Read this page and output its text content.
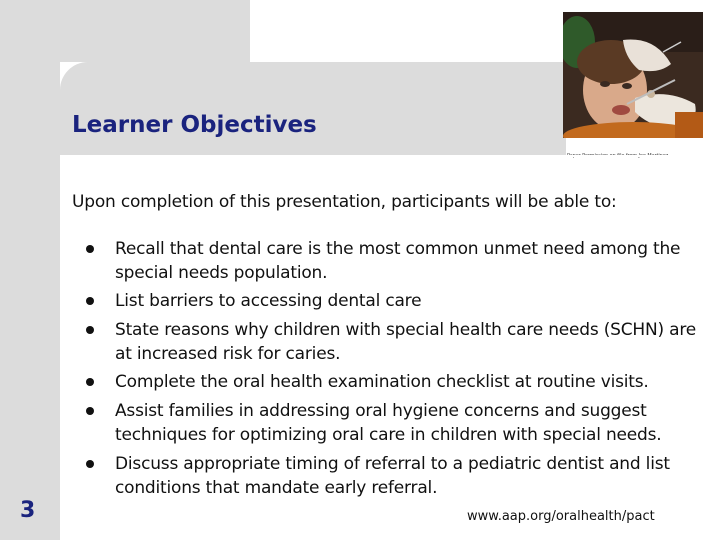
Learner Objectives

Upon completion of this presentation, participants will be able to:

Recall that dental care is the most common unmet need among the special needs population.
List barriers to accessing dental care
State reasons why children with special health care needs (SCHN) are at increased risk for caries.
Complete the oral health examination checklist at routine visits.
Assist families in addressing oral hygiene concerns and suggest techniques for optimizing oral care in children with special needs.
Discuss appropriate timing of referral to a pediatric dentist and list conditions that mandate early referral.
3	www.aap.org/oralhealth/pact
